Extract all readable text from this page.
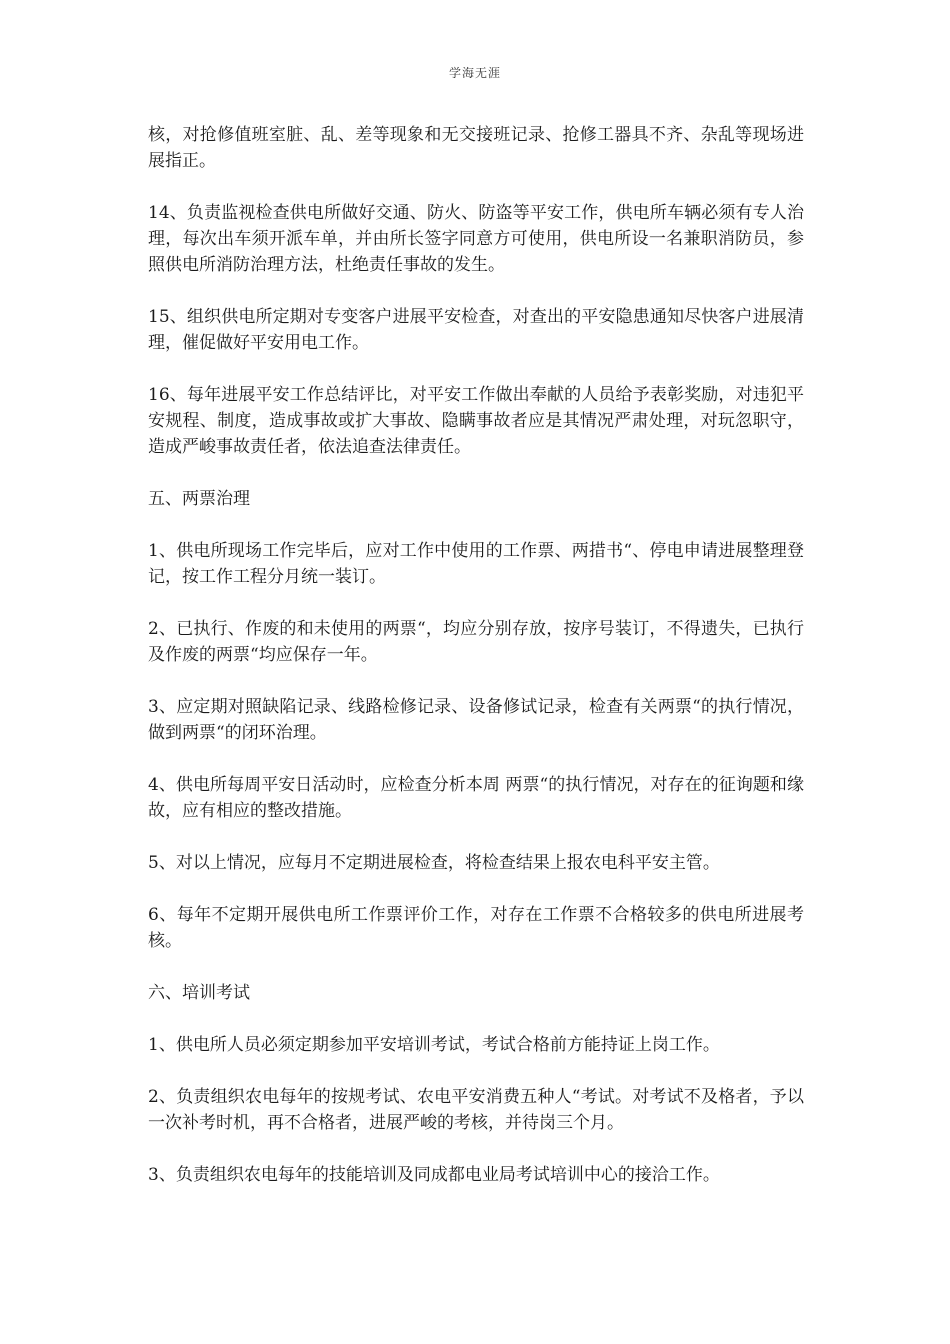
学海无涯

核，对抢修值班室脏、乱、差等现象和无交接班记录、抢修工器具不齐、杂乱等现场进展指正。

14、负责监视检查供电所做好交通、防火、防盗等平安工作，供电所车辆必须有专人治理，每次出车须开派车单，并由所长签字同意方可使用，供电所设一名兼职消防员，参照供电所消防治理方法，杜绝责任事故的发生。

15、组织供电所定期对专变客户进展平安检查，对查出的平安隐患通知尽快客户进展清理，催促做好平安用电工作。

16、每年进展平安工作总结评比，对平安工作做出奉献的人员给予表彰奖励，对违犯平安规程、制度，造成事故或扩大事故、隐瞒事故者应是其情况严肃处理，对玩忽职守，造成严峻事故责任者，依法追查法律责任。

五、两票治理

1、供电所现场工作完毕后，应对工作中使用的工作票、两措书“、停电申请进展整理登记，按工作工程分月统一装订。

2、已执行、作废的和未使用的两票“，均应分别存放，按序号装订，不得遗失，已执行及作废的两票“均应保存一年。

3、应定期对照缺陷记录、线路检修记录、设备修试记录，检查有关两票“的执行情况，做到两票“的闭环治理。

4、供电所每周平安日活动时，应检查分析本周 两票“的执行情况，对存在的征询题和缘故，应有相应的整改措施。

5、对以上情况，应每月不定期进展检查，将检查结果上报农电科平安主管。

6、每年不定期开展供电所工作票评价工作，对存在工作票不合格较多的供电所进展考核。

六、培训考试

1、供电所人员必须定期参加平安培训考试，考试合格前方能持证上岗工作。

2、负责组织农电每年的按规考试、农电平安消费五种人“考试。对考试不及格者，予以一次补考时机，再不合格者，进展严峻的考核，并待岗三个月。

3、负责组织农电每年的技能培训及同成都电业局考试培训中心的接洽工作。
